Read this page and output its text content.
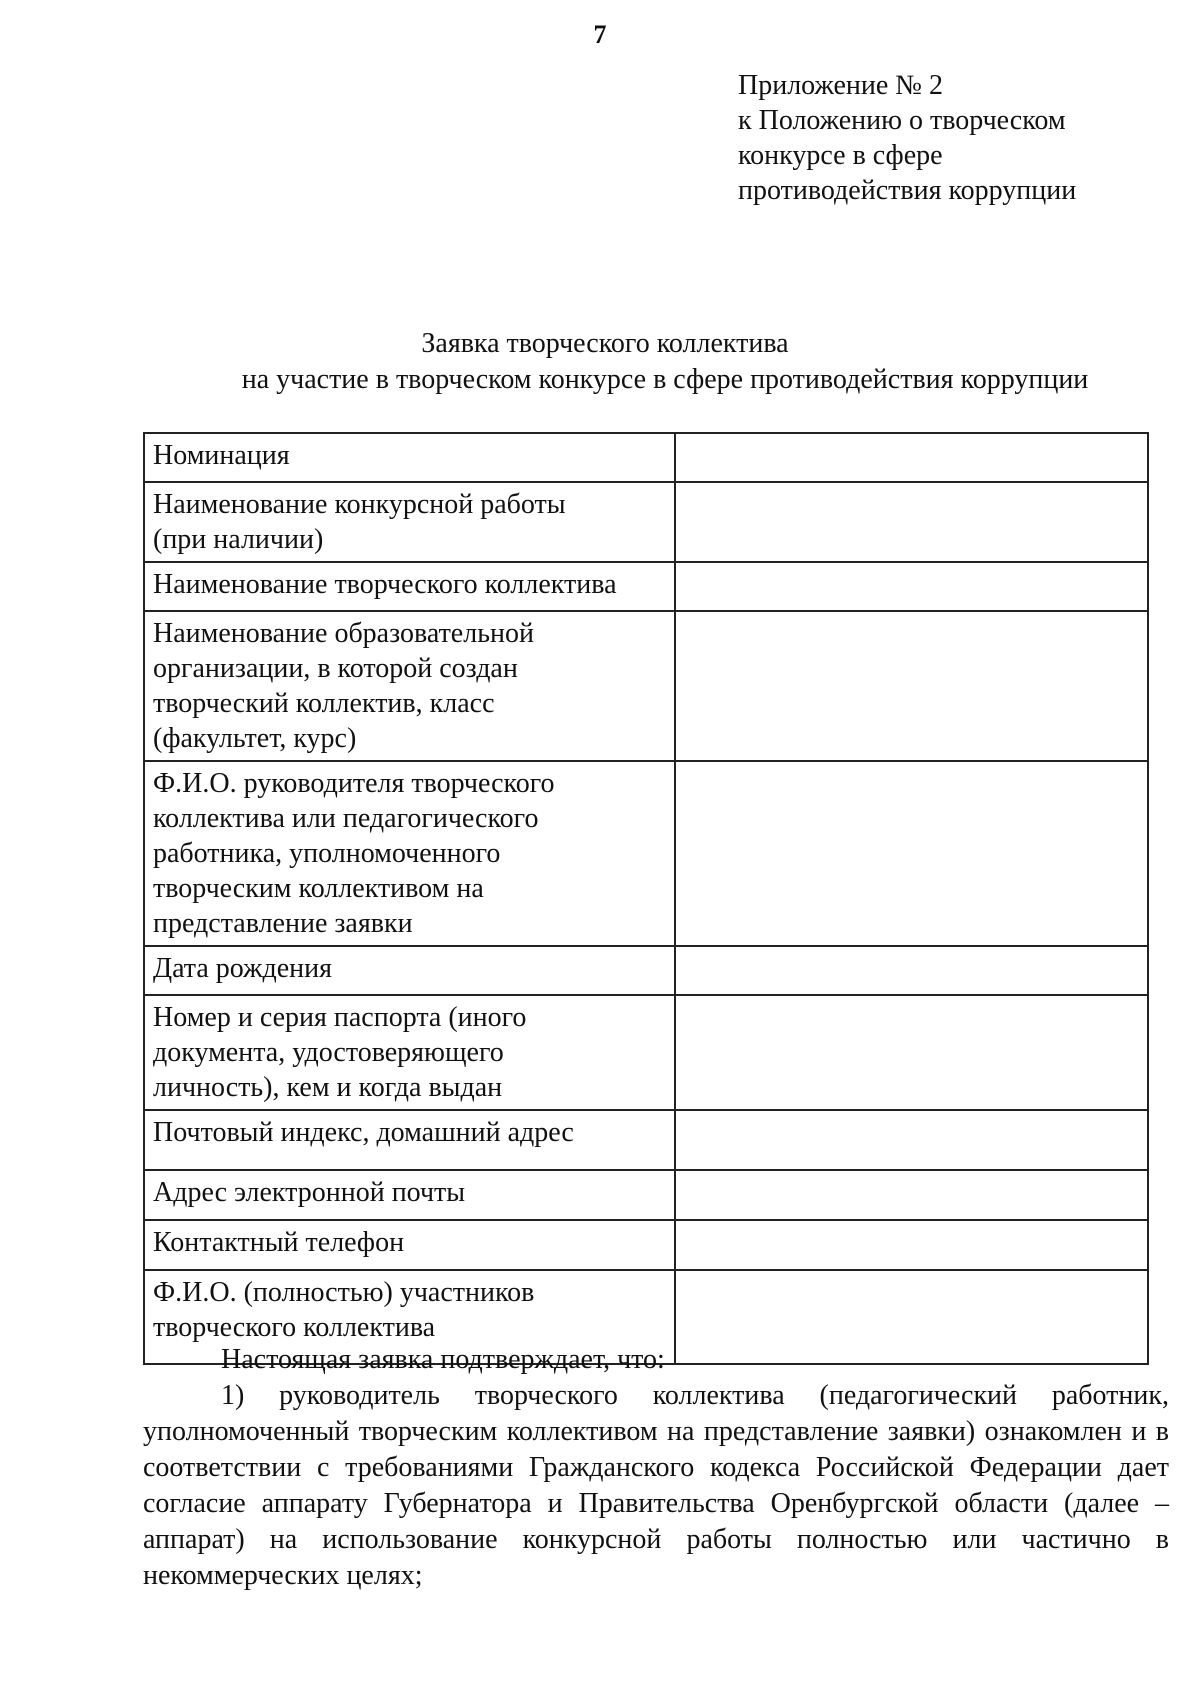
7
Приложение № 2
к Положению о творческом
конкурсе в сфере
противодействия коррупции
Заявка творческого коллектива
на участие в творческом конкурсе в сфере противодействия коррупции
Номинация	

Наименование конкурсной работы
(при наличии)	

Наименование творческого коллектива	

Наименование образовательной
организации, в которой создан
творческий коллектив, класс
(факультет, курс)	

Ф.И.О. руководителя творческого
коллектива или педагогического
работника, уполномоченного
творческим коллективом на
представление заявки	

Дата рождения	

Номер и серия паспорта (иного
документа, удостоверяющего
личность), кем и когда выдан	

Почтовый индекс, домашний адрес	

Адрес электронной почты	

Контактный телефон	

Ф.И.О. (полностью) участников
творческого коллектива	

Настоящая заявка подтверждает, что:

1) руководитель творческого коллектива (педагогический работник, уполномоченный творческим коллективом на представление заявки) ознакомлен и в соответствии с требованиями Гражданского кодекса Российской Федерации дает согласие аппарату Губернатора и Правительства Оренбургской области (далее – аппарат) на использование конкурсной работы полностью или частично в некоммерческих целях;
